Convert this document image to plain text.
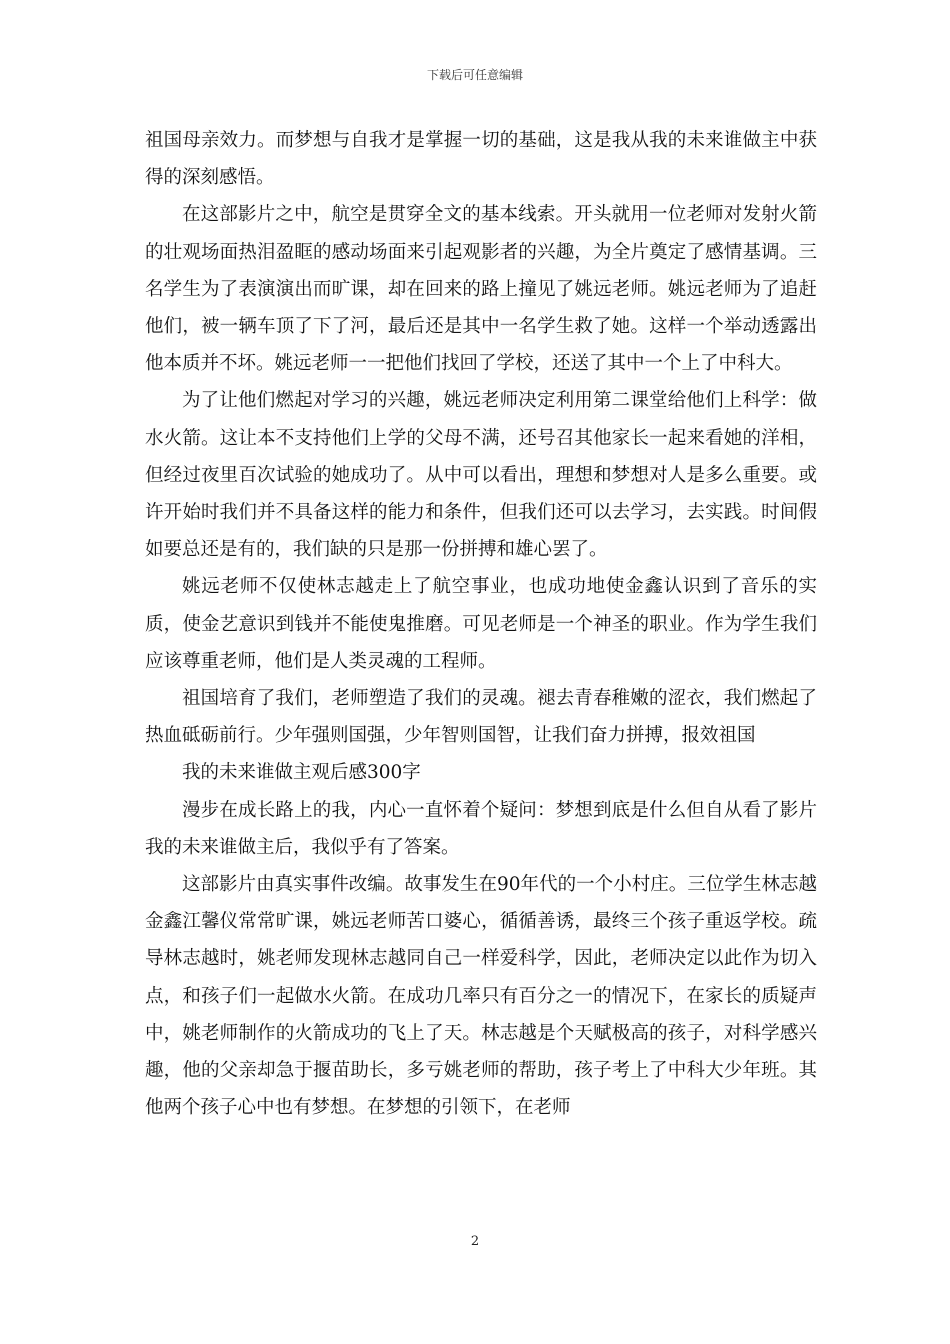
下载后可任意编辑

祖国母亲效力。而梦想与自我才是掌握一切的基础，这是我从我的未来谁做主中获得的深刻感悟。

在这部影片之中，航空是贯穿全文的基本线索。开头就用一位老师对发射火箭的壮观场面热泪盈眶的感动场面来引起观影者的兴趣，为全片奠定了感情基调。三名学生为了表演演出而旷课，却在回来的路上撞见了姚远老师。姚远老师为了追赶他们，被一辆车顶了下了河，最后还是其中一名学生救了她。这样一个举动透露出他本质并不坏。姚远老师一一把他们找回了学校，还送了其中一个上了中科大。

为了让他们燃起对学习的兴趣，姚远老师决定利用第二课堂给他们上科学：做水火箭。这让本不支持他们上学的父母不满，还号召其他家长一起来看她的洋相，但经过夜里百次试验的她成功了。从中可以看出，理想和梦想对人是多么重要。或许开始时我们并不具备这样的能力和条件，但我们还可以去学习，去实践。时间假如要总还是有的，我们缺的只是那一份拼搏和雄心罢了。

姚远老师不仅使林志越走上了航空事业，也成功地使金鑫认识到了音乐的实质，使金艺意识到钱并不能使鬼推磨。可见老师是一个神圣的职业。作为学生我们应该尊重老师，他们是人类灵魂的工程师。

祖国培育了我们，老师塑造了我们的灵魂。褪去青春稚嫩的涩衣，我们燃起了热血砥砺前行。少年强则国强，少年智则国智，让我们奋力拼搏，报效祖国

我的未来谁做主观后感300字

漫步在成长路上的我，内心一直怀着个疑问：梦想到底是什么但自从看了影片我的未来谁做主后，我似乎有了答案。

这部影片由真实事件改编。故事发生在90年代的一个小村庄。三位学生林志越金鑫江馨仪常常旷课，姚远老师苦口婆心，循循善诱，最终三个孩子重返学校。疏导林志越时，姚老师发现林志越同自己一样爱科学，因此，老师决定以此作为切入点，和孩子们一起做水火箭。在成功几率只有百分之一的情况下，在家长的质疑声中，姚老师制作的火箭成功的飞上了天。林志越是个天赋极高的孩子，对科学感兴趣，他的父亲却急于揠苗助长，多亏姚老师的帮助，孩子考上了中科大少年班。其他两个孩子心中也有梦想。在梦想的引领下，在老师

2
